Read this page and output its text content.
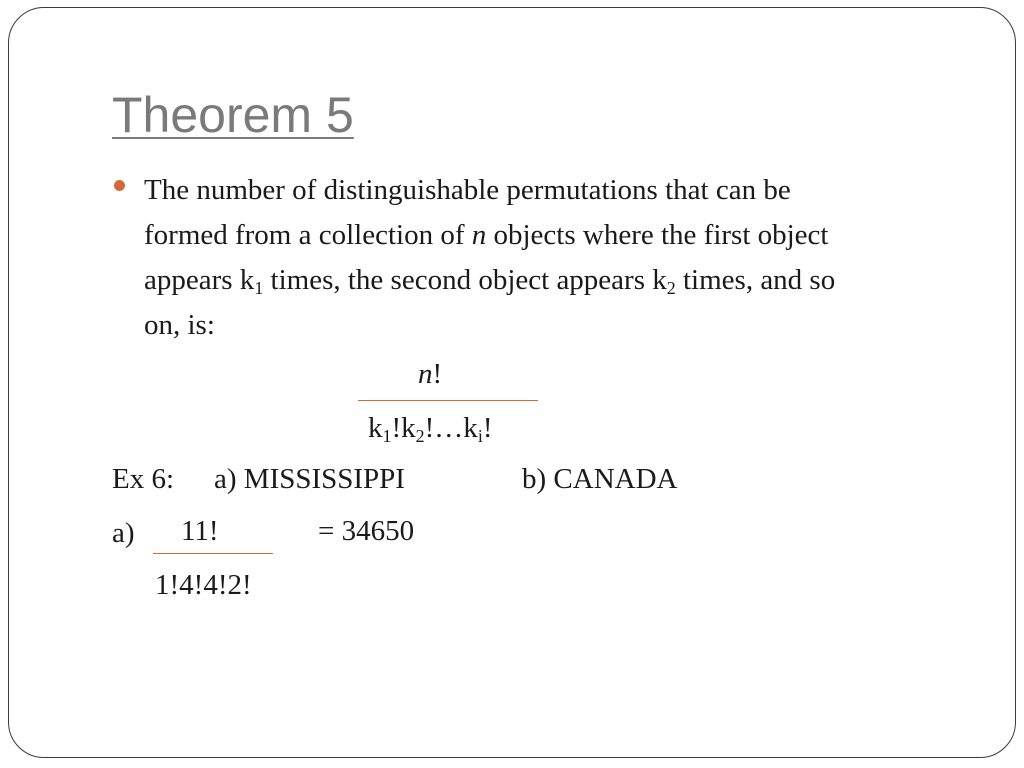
Theorem 5
The number of distinguishable permutations that can be
formed from a collection of n objects where the first object
appears $k_1$ times, the second object appears $k_2$ times, and so
on, is:
n!
$k_1!k_2!\dots k_i$!
Ex 6: a) MISSISSIPPI	b) CANADA
a) 11!	= 34650
1!4!4!2!
